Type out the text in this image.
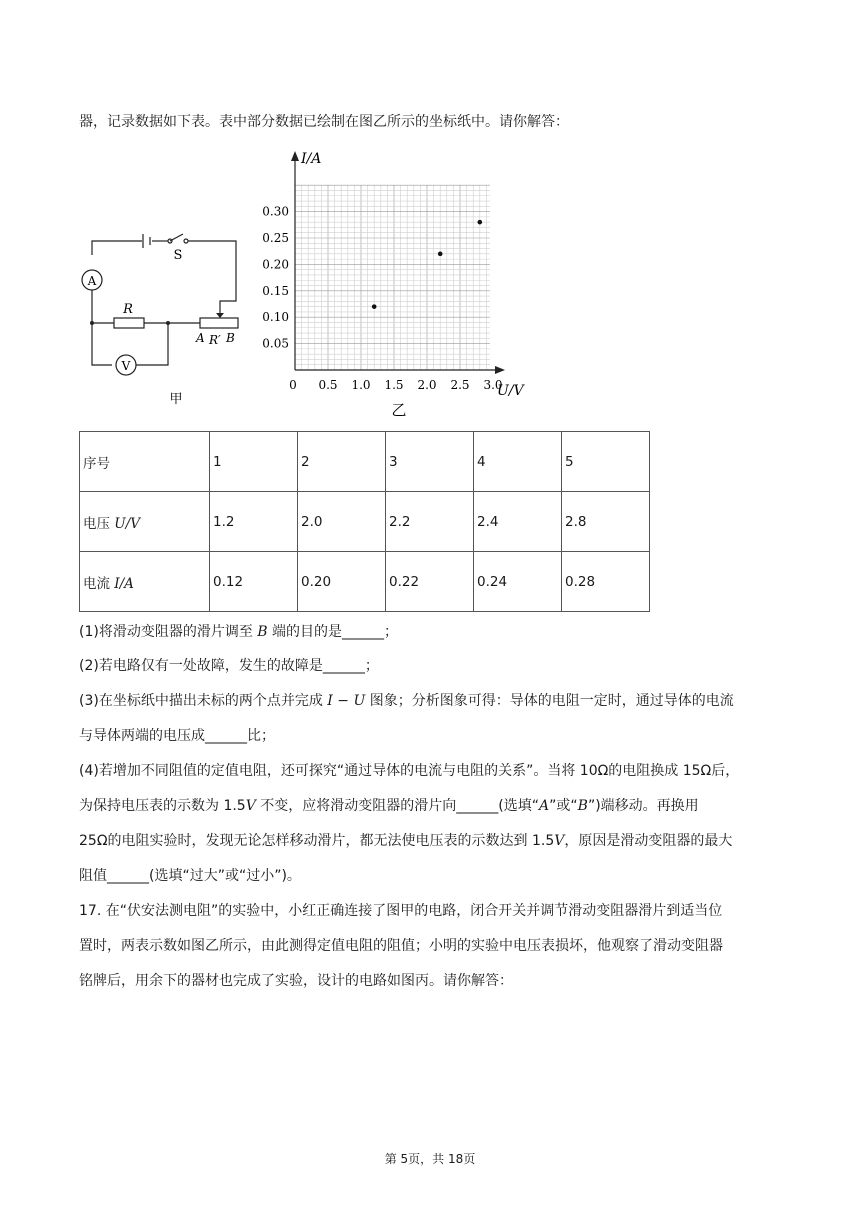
器，记录数据如下表。表中部分数据已绘制在图乙所示的坐标纸中。请你解答：
A
V
S
R
A R′ B
甲
0.5 1.0 1.5 2.0 2.5 3.0
0.05
0.10
0.15
0.20
0.25
0.30
I/A
U/V
0
乙
序号	1	2	3	4	5
电压 U/V	1.2	2.0	2.2	2.4	2.8
电流 I/A	0.12	0.20	0.22	0.24	0.28
(1)将滑动变阻器的滑片调至 B 端的目的是______；
(2)若电路仅有一处故障，发生的故障是______；
(3)在坐标纸中描出未标的两个点并完成 I − U 图象；分析图象可得：导体的电阻一定时，通过导体的电流
与导体两端的电压成______比；
(4)若增加不同阻值的定值电阻，还可探究“通过导体的电流与电阻的关系”。当将 10Ω的电阻换成 15Ω后，
为保持电压表的示数为 1.5V 不变，应将滑动变阻器的滑片向______(选填“A”或“B”)端移动。再换用
25Ω的电阻实验时，发现无论怎样移动滑片，都无法使电压表的示数达到 1.5V，原因是滑动变阻器的最大
阻值______(选填“过大”或“过小”)。
17. 在“伏安法测电阻”的实验中，小红正确连接了图甲的电路，闭合开关并调节滑动变阻器滑片到适当位
置时，两表示数如图乙所示，由此测得定值电阻的阻值；小明的实验中电压表损坏，他观察了滑动变阻器
铭牌后，用余下的器材也完成了实验，设计的电路如图丙。请你解答：
第 5页，共 18页
